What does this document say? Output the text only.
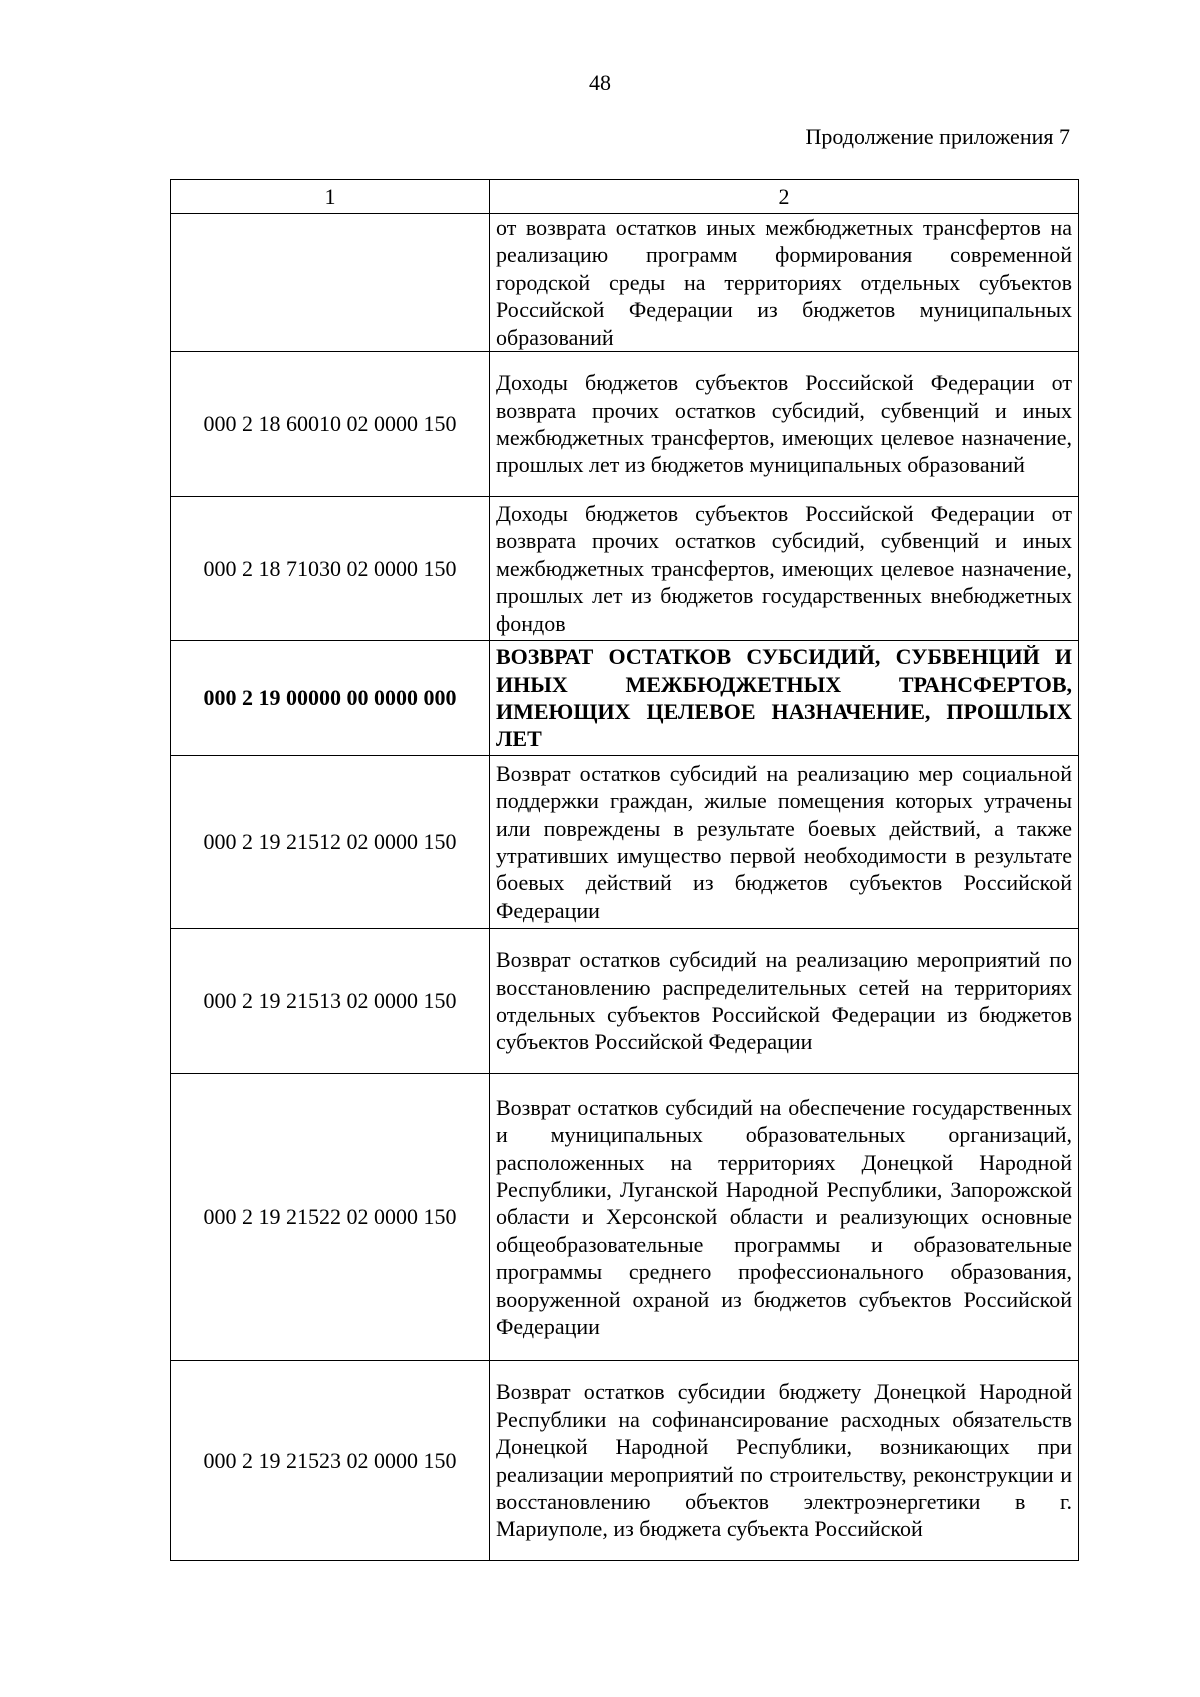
48
Продолжение приложения 7
1	2
	от возврата остатков иных межбюджетных трансфертов на реализацию программ формирования современной городской среды на территориях отдельных субъектов Российской Федерации из бюджетов муниципальных образований
000 2 18 60010 02 0000 150	Доходы бюджетов субъектов Российской Федерации от возврата прочих остатков субсидий, субвенций и иных межбюджетных трансфертов, имеющих целевое назначение, прошлых лет из бюджетов муниципальных образований
000 2 18 71030 02 0000 150	Доходы бюджетов субъектов Российской Федерации от возврата прочих остатков субсидий, субвенций и иных межбюджетных трансфертов, имеющих целевое назначение, прошлых лет из бюджетов государственных внебюджетных фондов
000 2 19 00000 00 0000 000	ВОЗВРАТ ОСТАТКОВ СУБСИДИЙ, СУБВЕНЦИЙ И ИНЫХ МЕЖБЮДЖЕТНЫХ ТРАНСФЕРТОВ, ИМЕЮЩИХ ЦЕЛЕВОЕ НАЗНАЧЕНИЕ, ПРОШЛЫХ ЛЕТ
000 2 19 21512 02 0000 150	Возврат остатков субсидий на реализацию мер социальной поддержки граждан, жилые помещения которых утрачены или повреждены в результате боевых действий, а также утративших имущество первой необходимости в результате боевых действий из бюджетов субъектов Российской Федерации
000 2 19 21513 02 0000 150	Возврат остатков субсидий на реализацию мероприятий по восстановлению распределительных сетей на территориях отдельных субъектов Российской Федерации из бюджетов субъектов Российской Федерации
000 2 19 21522 02 0000 150	Возврат остатков субсидий на обеспечение государственных и муниципальных образовательных организаций, расположенных на территориях Донецкой Народной Республики, Луганской Народной Республики, Запорожской области и Херсонской области и реализующих основные общеобразовательные программы и образовательные программы среднего профессионального образования, вооруженной охраной из бюджетов субъектов Российской Федерации
000 2 19 21523 02 0000 150	Возврат остатков субсидии бюджету Донецкой Народной Республики на софинансирование расходных обязательств Донецкой Народной Республики, возникающих при реализации мероприятий по строительству, реконструкции и восстановлению объектов электроэнергетики в г. Мариуполе, из бюджета субъекта Российской
